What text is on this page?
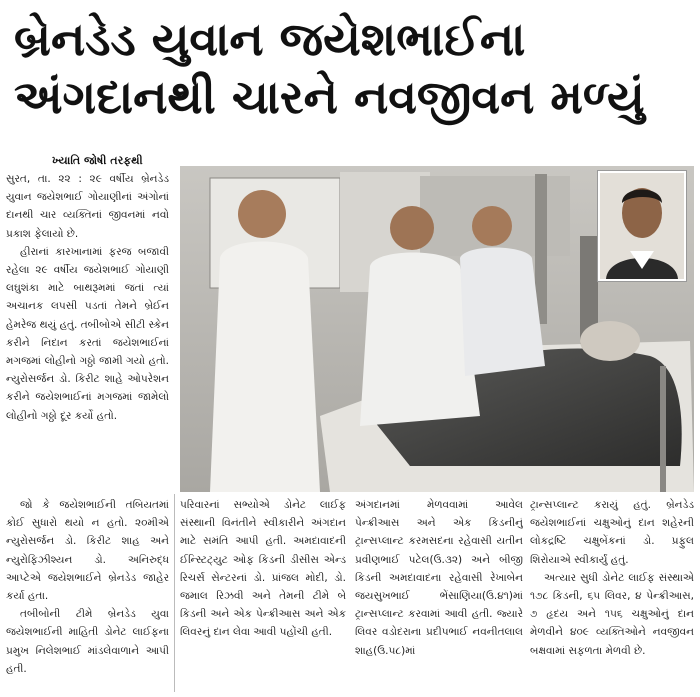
બ્રેનડેડ યુવાન જયેશભાઈના
અંગદાનથી ચારને નવજીવન મળ્યું
ખ્યાતિ જોષી તરફથી

સુરત, તા. ૨૨ : ૨૯ વર્ષીય બ્રેનડેડ યુવાન જયેશભાઈ ગોયાણીનાં અંગોનાં દાનથી ચાર વ્યક્તિનાં જીવનમાં નવો પ્રકાશ ફેલાયો છે.

હીરાનાં કારખાનામાં ફરજ બજાવી રહેલા ૨૯ વર્ષીય જયેશભાઈ ગોયાણી લઘુશંકા માટે બાથરૂમમાં જતાં ત્યાં અચાનક લપસી પડતાં તેમને બ્રેઈન હેમરેજ થયું હતું. તબીબોએ સીટી સ્કેન કરીને નિદાન કરતાં જયેશભાઈનાં મગજમાં લોહીનો ગઠ્ઠો જામી ગયો હતો. ન્યુરોસર્જન ડો. કિરીટ શાહે ઓપરેશન કરીને જયેશભાઈનાં મગજમાં જામેલો લોહીનો ગઠ્ઠો દૂર કર્યો હતો.

જો કે જયેશભાઈની તબિયતમાં કોઈ સુધારો થયો ન હતો. ૨૦મીએ ન્યુરોસર્જન ડો. કિરીટ શાહ અને ન્યુરોફિઝીશ્યન ડો. અનિરુદ્ધ આપ્ટેએ જયેશભાઈને બ્રેનડેડ જાહેર કર્યા હતા.

તબીબોની ટીમે બ્રેનડેડ યુવા જયેશભાઈની માહિતી ડોનેટ લાઈફના પ્રમુખ નિલેશભાઈ માંડલેવાળાને આપી હતી.

પરિવારનાં સભ્યોએ ડોનેટ લાઈફ સંસ્થાની વિનંતીને સ્વીકારીને અંગદાન માટે સમંતિ આપી હતી. અમદાવાદની ઈન્સ્ટિટ્યુટ ઓફ કિડની ડીસીસ એન્ડ રિચર્સ સેન્ટરનાં ડો. પ્રાંજલ મોદી, ડો. જમાલ રિઝવી અને તેમની ટીમે બે કિડની અને એક પેન્ક્રીઆસ અને એક લિવરનું દાન લેવા આવી પહોંચી હતી.

અંગદાનમાં મેળવવામાં આવેલ પેન્ક્રીઆસ અને એક કિડનીનું ટ્રાન્સપ્લાન્ટ કરમસદના રહેવાસી યતીન પ્રવીણભાઈ પટેલ(ઉ.૩૨) અને બીજી કિડની અમદાવાદના રહેવાસી રેખાબેન જયસુખભાઈ ભેંસાણિયા(ઉ.૪૧)માં ટ્રાન્સપ્લાન્ટ કરવામાં આવી હતી. જ્યારે લિવર વડોદરાના પ્રદીપભાઈ નવનીતલાલ શાહ(ઉ.૫૮)માં

ટ્રાન્સપ્લાન્ટ કરાયું હતું. બ્રેનડેડ જયેશભાઈનાં ચક્ષુઓનું દાન શહેરની લોકદ્રષ્ટિ ચક્ષુબેંકનાં ડો. પ્રફુલ શિરોયાએ સ્વીકાર્યું હતું.

અત્યાર સુધી ડોનેટ લાઈફ સંસ્થાએ ૧૭૮ કિડની, ૬૫ લિવર, ૪ પેન્ક્રીઆસ, ૭ હૃદય અને ૧૫૬ ચક્ષુઓનું દાન મેળવીને ૪૦૯ વ્યક્તિઓને નવજીવન બક્ષવામાં સફળતા મેળવી છે.
